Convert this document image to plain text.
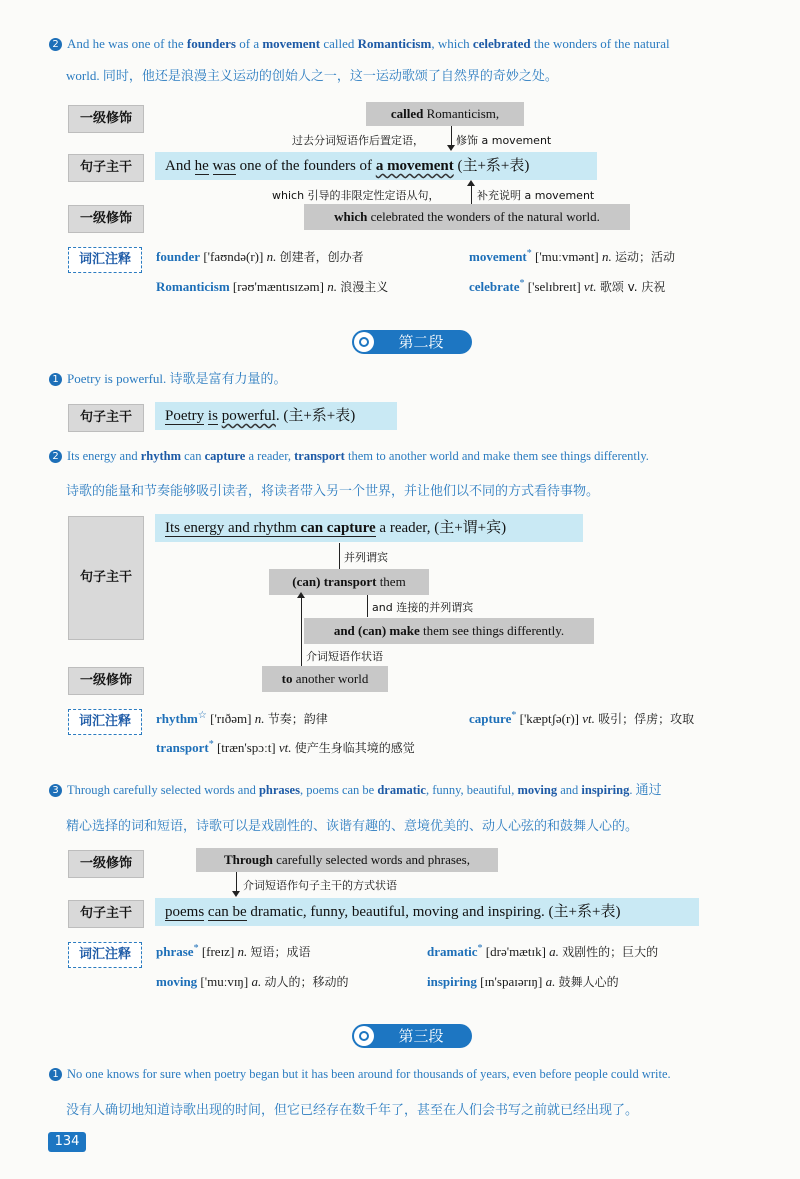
2 And he was one of the founders of a movement called Romanticism, which celebrated the wonders of the natural
world. 同时，他还是浪漫主义运动的创始人之一，这一运动歌颂了自然界的奇妙之处。
一级修饰	called Romanticism,
过去分词短语作后置定语，	修饰 a movement
句子主干	And he was one of the founders of a movement (主+系+表)
which 引导的非限定性定语从句，	补充说明 a movement
一级修饰	which celebrated the wonders of the natural world.
词汇注释	founder ['faʊndə(r)] n. 创建者，创办者	movement* ['muːvmənt] n. 运动；活动
Romanticism [rəʊ'mæntɪsɪzəm] n. 浪漫主义	celebrate* ['selɪbreɪt] vt. 歌颂 v. 庆祝
第二段
1 Poetry is powerful. 诗歌是富有力量的。
句子主干	Poetry is powerful. (主+系+表)
2 Its energy and rhythm can capture a reader, transport them to another world and make them see things differently.
诗歌的能量和节奏能够吸引读者，将读者带入另一个世界，并让他们以不同的方式看待事物。
句子主干
Its energy and rhythm can capture a reader, (主+谓+宾)
并列谓宾
(can) transport them
and 连接的并列谓宾
and (can) make them see things differently.
介词短语作状语
一级修饰	to another world
词汇注释	rhythm☆ ['rɪðəm] n. 节奏；韵律	capture* ['kæptʃə(r)] vt. 吸引；俘虏；攻取
transport* [træn'spɔːt] vt. 使产生身临其境的感觉
3 Through carefully selected words and phrases, poems can be dramatic, funny, beautiful, moving and inspiring. 通过
精心选择的词和短语，诗歌可以是戏剧性的、诙谐有趣的、意境优美的、动人心弦的和鼓舞人心的。
一级修饰	Through carefully selected words and phrases,
介词短语作句子主干的方式状语
句子主干	poems can be dramatic, funny, beautiful, moving and inspiring. (主+系+表)
词汇注释	phrase* [freɪz] n. 短语；成语	dramatic* [drə'mætɪk] a. 戏剧性的；巨大的
moving ['muːvɪŋ] a. 动人的；移动的	inspiring [ɪn'spaɪərɪŋ] a. 鼓舞人心的
第三段
1 No one knows for sure when poetry began but it has been around for thousands of years, even before people could write.
没有人确切地知道诗歌出现的时间，但它已经存在数千年了，甚至在人们会书写之前就已经出现了。
134
